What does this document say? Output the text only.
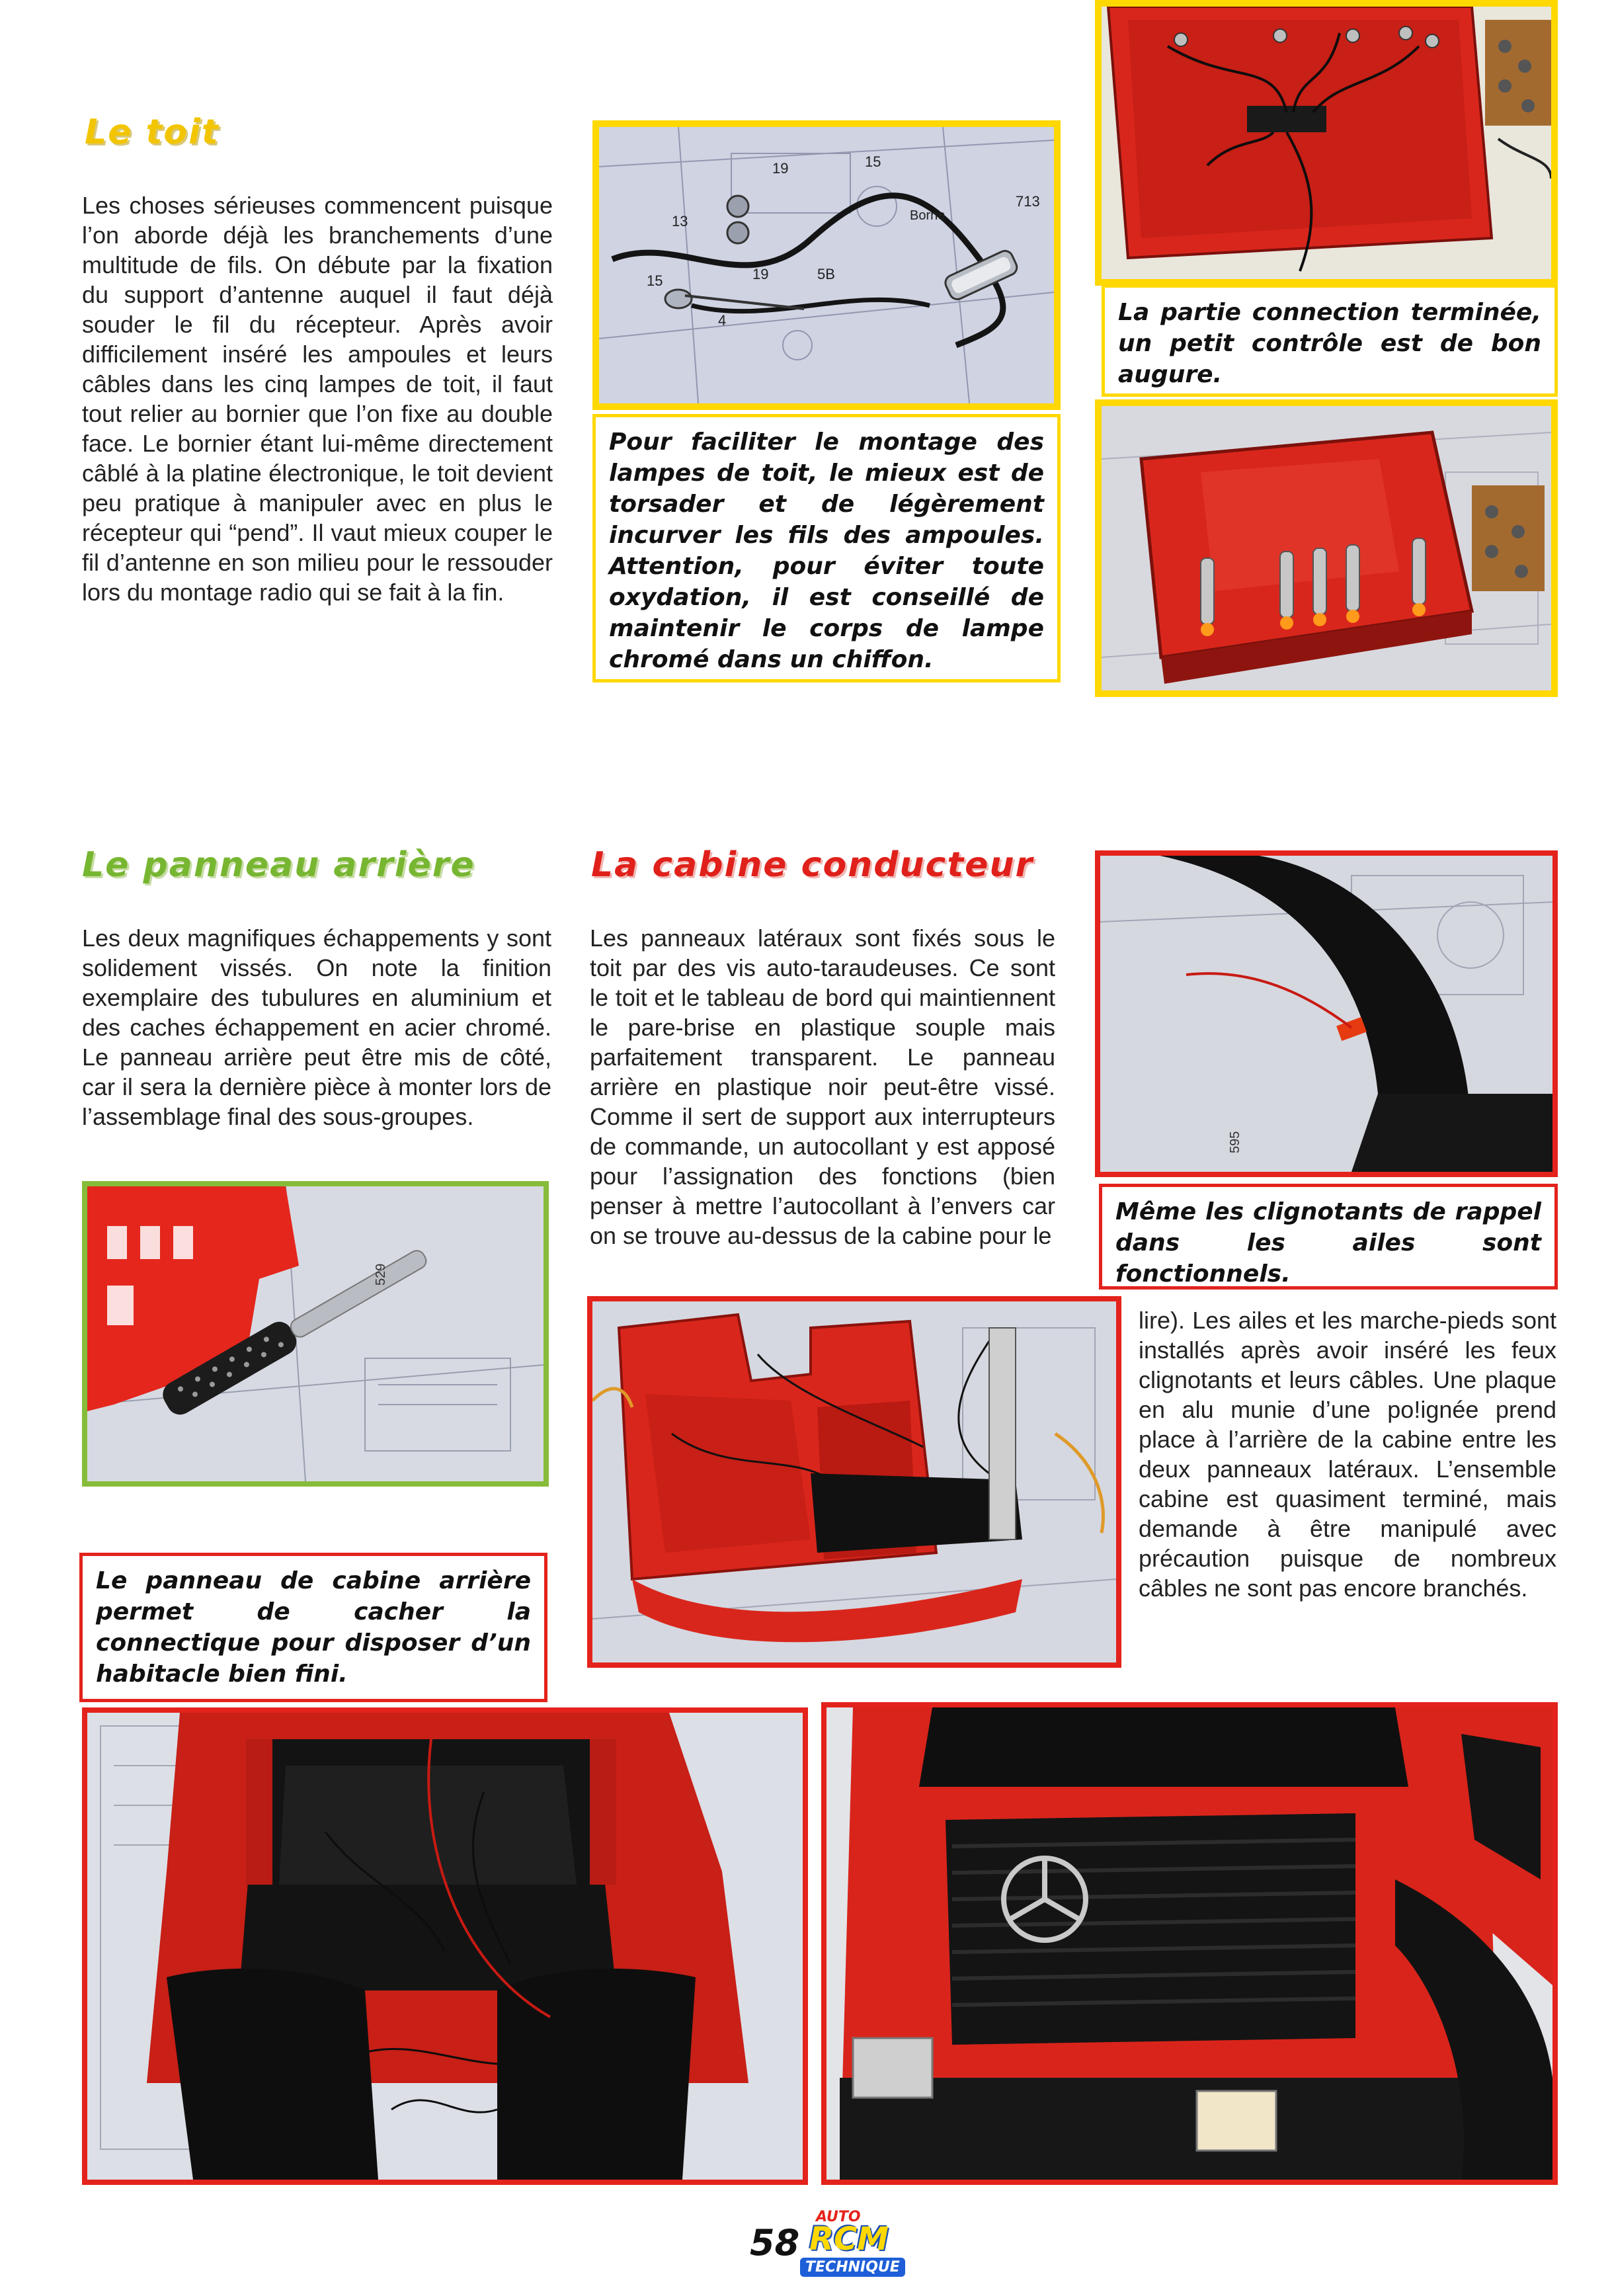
Le toit
Les choses sérieuses commencent puisque l’on aborde déjà les branchements d’une multitude de fils. On débute par la fixation du support d’antenne auquel il faut déjà souder le fil du récepteur. Après avoir difficilement inséré les ampoules et leurs câbles dans les cinq lampes de toit, il faut tout relier au bornier que l’on fixe au double face. Le bornier étant lui-même directement câblé à la platine électronique, le toit devient peu pratique à manipuler avec en plus le récepteur qui “pend”. Il vaut mieux couper le fil d’antenne en son milieu pour le ressouder lors du montage radio qui se fait à la fin.
19	15
5B
13
19
15
4
713
Borne
Pour faciliter le montage des lampes de toit, le mieux est de torsader et de légèrement incurver les fils des ampoules. Attention, pour éviter toute oxydation, il est conseillé de maintenir le corps de lampe chromé dans un chiffon.
La partie connection terminée, un petit contrôle est de bon augure.
Le panneau arrière
Les deux magnifiques échappements y sont solidement vissés. On note la finition exemplaire des tubulures en aluminium et des caches échappement en acier chromé. Le panneau arrière peut être mis de côté, car il sera la dernière pièce à monter lors de l’assemblage final des sous-groupes.
529
La cabine conducteur
Les panneaux latéraux sont fixés sous le toit par des vis auto-taraudeuses. Ce sont le toit et le tableau de bord qui maintiennent le pare-brise en plastique souple mais parfaitement transparent. Le panneau arrière en plastique noir peut-être vissé. Comme il sert de support aux interrupteurs de commande, un autocollant y est apposé pour l’assignation des fonctions (bien penser à mettre l’autocollant à l’envers car on se trouve au-dessus de la cabine pour le
595
Même les clignotants de rappel dans les ailes sont fonctionnels.
lire). Les ailes et les marche-pieds sont installés après avoir inséré les feux clignotants et leurs câbles. Une plaque en alu munie d’une po!ignée prend place à l’arrière de la cabine entre les deux panneaux latéraux. L’ensemble cabine est quasiment terminé, mais demande à être manipulé avec précaution puisque de nombreux câbles ne sont pas encore branchés.
Le panneau de cabine arrière permet de cacher la connectique pour disposer d’un habitacle bien fini.
58
AUTO
RCM
TECHNIQUE
